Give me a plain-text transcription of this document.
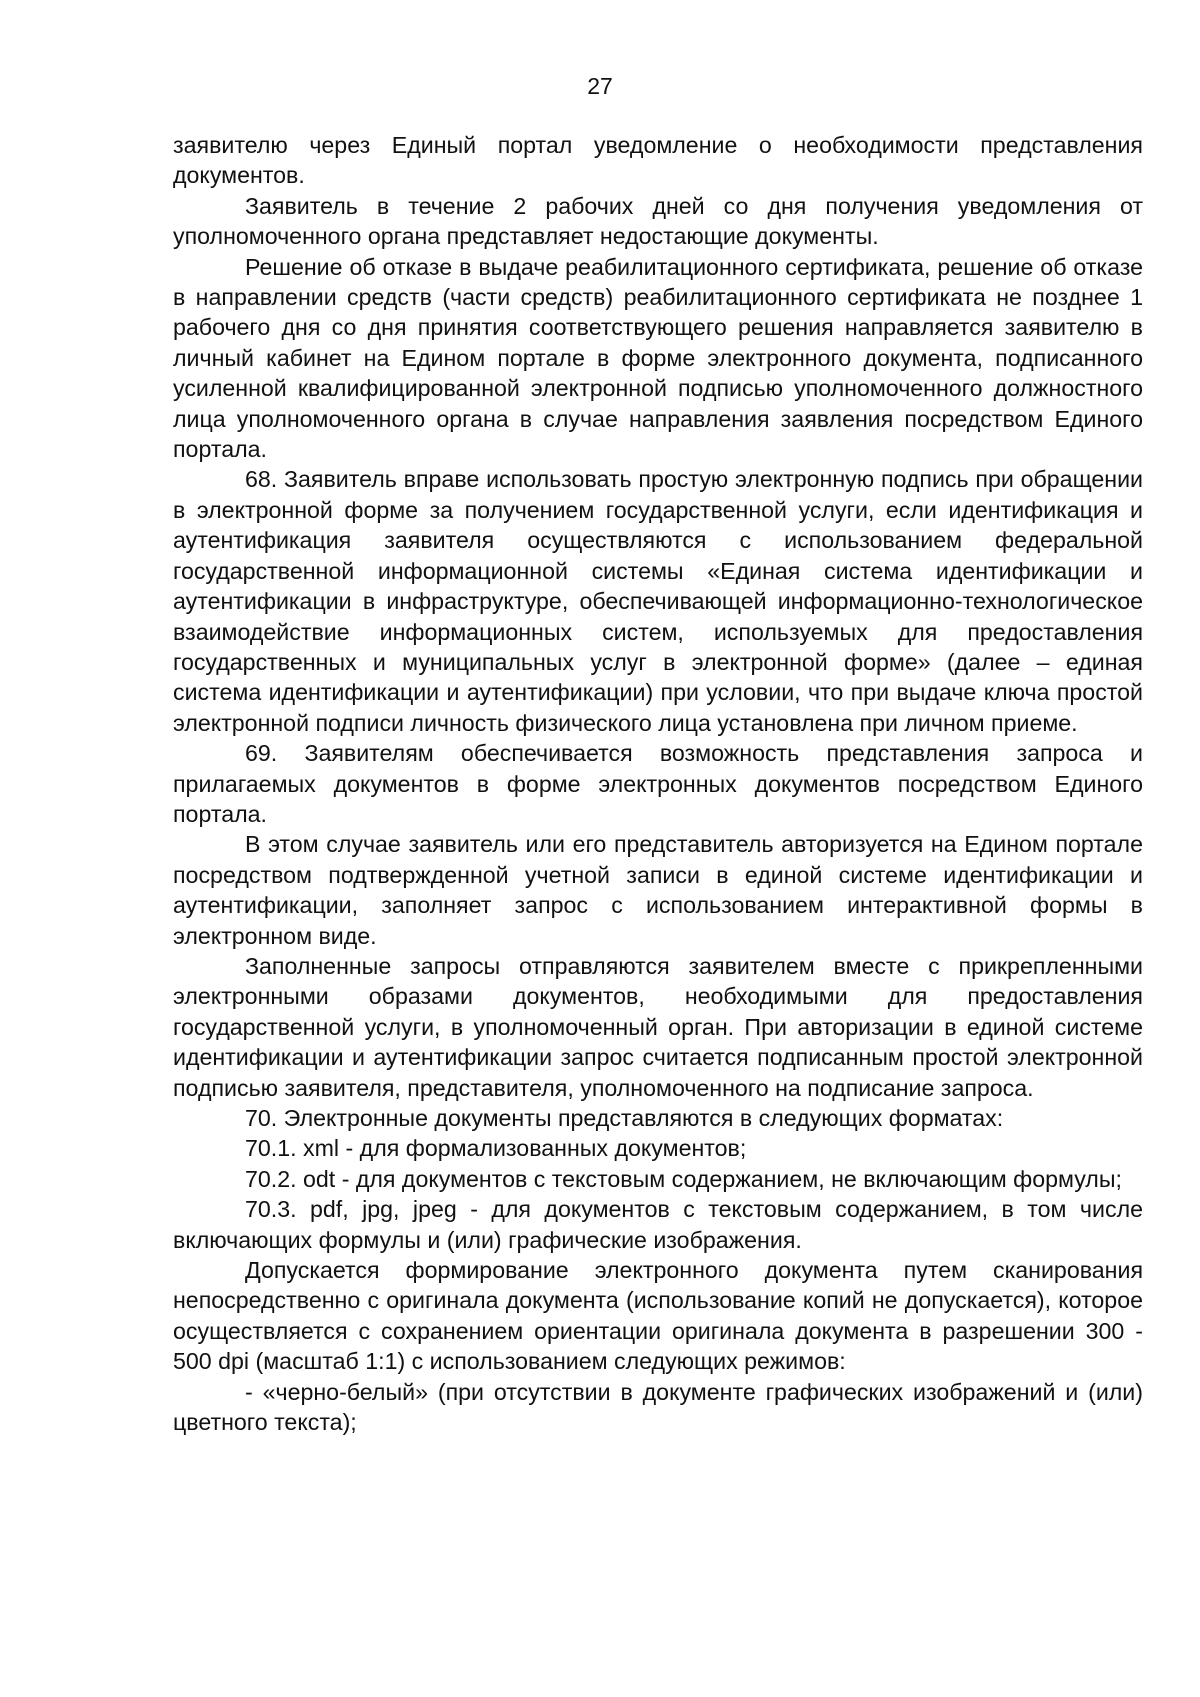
27

заявителю через Единый портал уведомление о необходимости представления документов.

Заявитель в течение 2 рабочих дней со дня получения уведомления от уполномоченного органа представляет недостающие документы.

Решение об отказе в выдаче реабилитационного сертификата, решение об отказе в направлении средств (части средств) реабилитационного сертификата не позднее 1 рабочего дня со дня принятия соответствующего решения направляется заявителю в личный кабинет на Едином портале в форме электронного документа, подписанного усиленной квалифицированной электронной подписью уполномоченного должностного лица уполномоченного органа в случае направления заявления посредством Единого портала.

68. Заявитель вправе использовать простую электронную подпись при обращении в электронной форме за получением государственной услуги, если идентификация и аутентификация заявителя осуществляются с использованием федеральной государственной информационной системы «Единая система идентификации и аутентификации в инфраструктуре, обеспечивающей информационно-технологическое взаимодействие информационных систем, используемых для предоставления государственных и муниципальных услуг в электронной форме» (далее – единая система идентификации и аутентификации) при условии, что при выдаче ключа простой электронной подписи личность физического лица установлена при личном приеме.

69. Заявителям обеспечивается возможность представления запроса и прилагаемых документов в форме электронных документов посредством Единого портала.

В этом случае заявитель или его представитель авторизуется на Едином портале посредством подтвержденной учетной записи в единой системе идентификации и аутентификации, заполняет запрос с использованием интерактивной формы в электронном виде.

Заполненные запросы отправляются заявителем вместе с прикрепленными электронными образами документов, необходимыми для предоставления государственной услуги, в уполномоченный орган. При авторизации в единой системе идентификации и аутентификации запрос считается подписанным простой электронной подписью заявителя, представителя, уполномоченного на подписание запроса.

70. Электронные документы представляются в следующих форматах:

70.1. xml - для формализованных документов;

70.2. odt - для документов с текстовым содержанием, не включающим формулы;

70.3. pdf, jpg, jpeg - для документов с текстовым содержанием, в том числе включающих формулы и (или) графические изображения.

Допускается формирование электронного документа путем сканирования непосредственно с оригинала документа (использование копий не допускается), которое осуществляется с сохранением ориентации оригинала документа в разрешении 300 - 500 dpi (масштаб 1:1) с использованием следующих режимов:

- «черно-белый» (при отсутствии в документе графических изображений и (или) цветного текста);
